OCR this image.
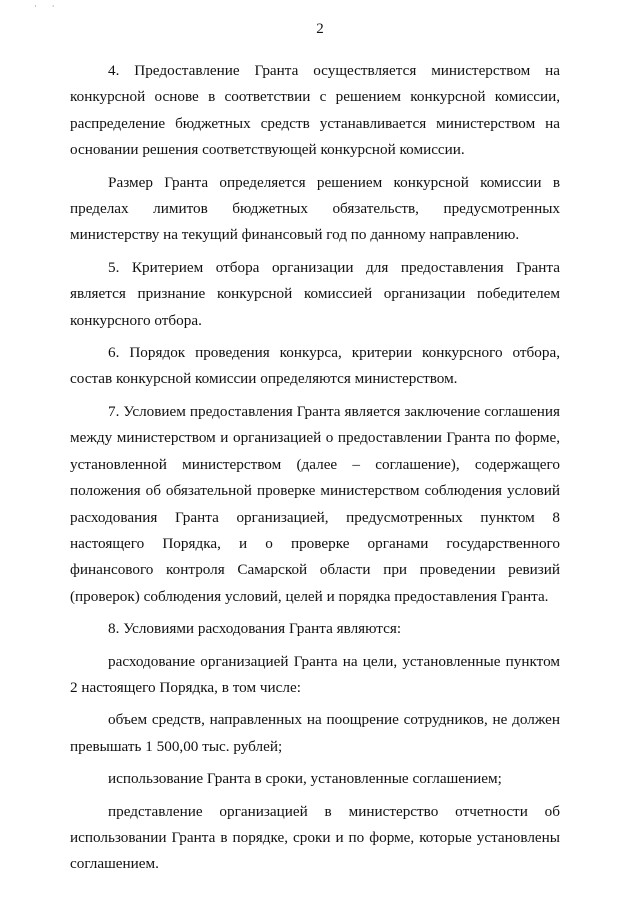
· ·
2

4. Предоставление Гранта осуществляется министерством на конкурсной основе в соответствии с решением конкурсной комиссии, распределение бюджетных средств устанавливается министерством на основании решения соответствующей конкурсной комиссии.

Размер Гранта определяется решением конкурсной комиссии в пределах лимитов бюджетных обязательств, предусмотренных министерству на текущий финансовый год по данному направлению.

5. Критерием отбора организации для предоставления Гранта является признание конкурсной комиссией организации победителем конкурсного отбора.

6. Порядок проведения конкурса, критерии конкурсного отбора, состав конкурсной комиссии определяются министерством.

7. Условием предоставления Гранта является заключение соглашения между министерством и организацией о предоставлении Гранта по форме, установленной министерством (далее – соглашение), содержащего положения об обязательной проверке министерством соблюдения условий расходования Гранта организацией, предусмотренных пунктом 8 настоящего Порядка, и о проверке органами государственного финансового контроля Самарской области при проведении ревизий (проверок) соблюдения условий, целей и порядка предоставления Гранта.

8. Условиями расходования Гранта являются:

расходование организацией Гранта на цели, установленные пунктом 2 настоящего Порядка, в том числе:

объем средств, направленных на поощрение сотрудников, не должен превышать 1 500,00 тыс. рублей;

использование Гранта в сроки, установленные соглашением;

представление организацией в министерство отчетности об использовании Гранта в порядке, сроки и по форме, которые установлены соглашением.
